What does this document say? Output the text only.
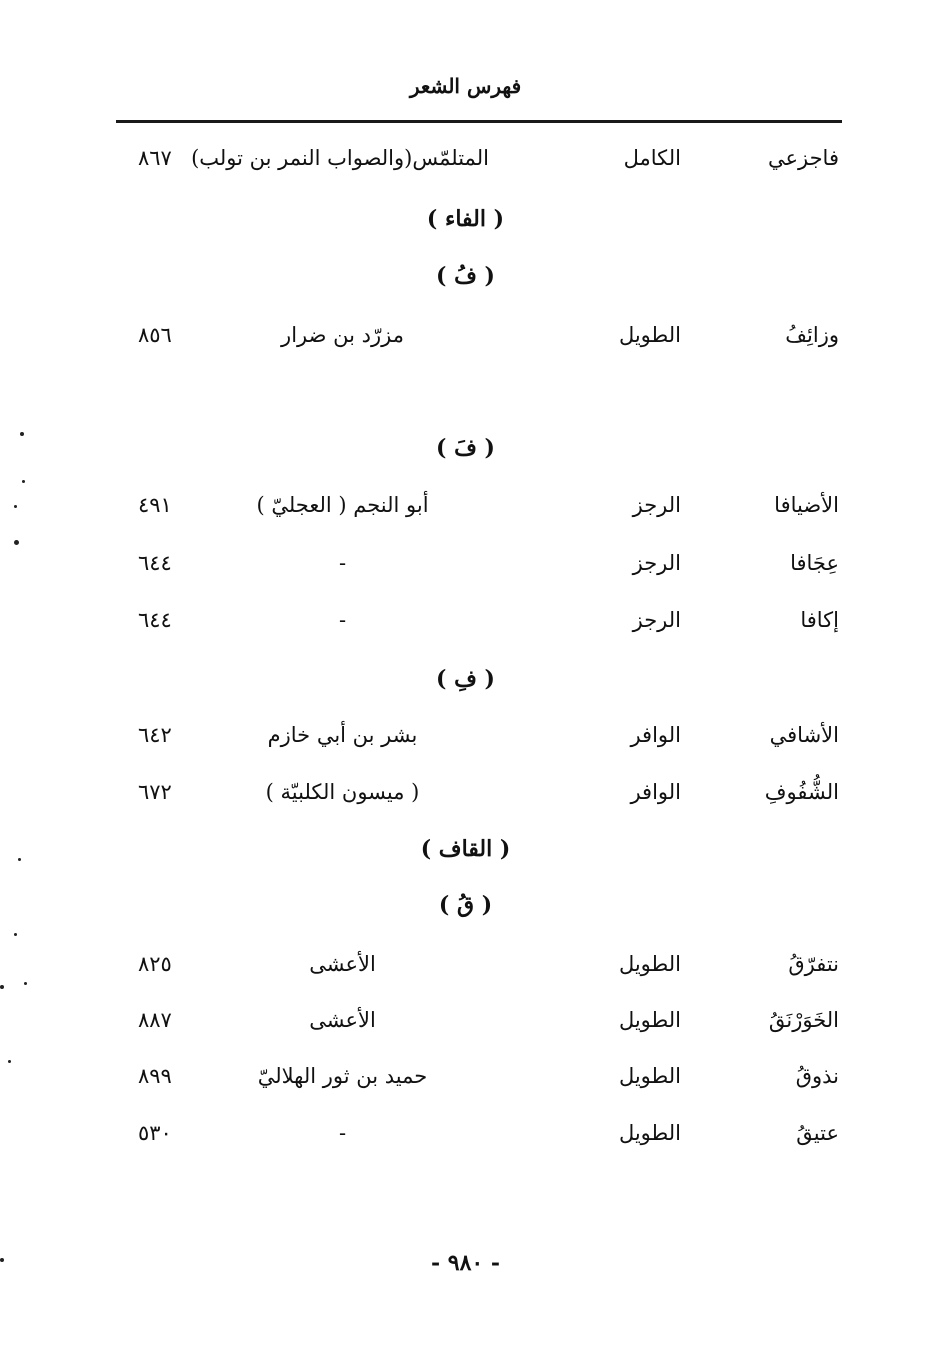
فهرس الشعر
فاجزعي
الكامل
المتلمّس(والصواب النمر بن تولب)
٨٦٧
( الفاء )
( فُ )
وزائِفُ
الطويل
مزرّد بن ضرار
٨٥٦
( فَ )
الأضيافا
الرجز
أبو النجم ( العجليّ )
٤٩١
عِجَافا
الرجز
-
٦٤٤
إكافا
الرجز
-
٦٤٤
( فِ )
الأشافي
الوافر
بشر بن أبي خازم
٦٤٢
الشُّفُوفِ
الوافر
( ميسون الكلبيّة )
٦٧٢
( القاف )
( قُ )
نتفرّقُ
الطويل
الأعشى
٨٢٥
الخَوَرْنَقُ
الطويل
الأعشى
٨٨٧
نذوقُ
الطويل
حميد بن ثور الهلاليّ
٨٩٩
عتيقُ
الطويل
-
٥٣٠
- ٩٨٠ -
